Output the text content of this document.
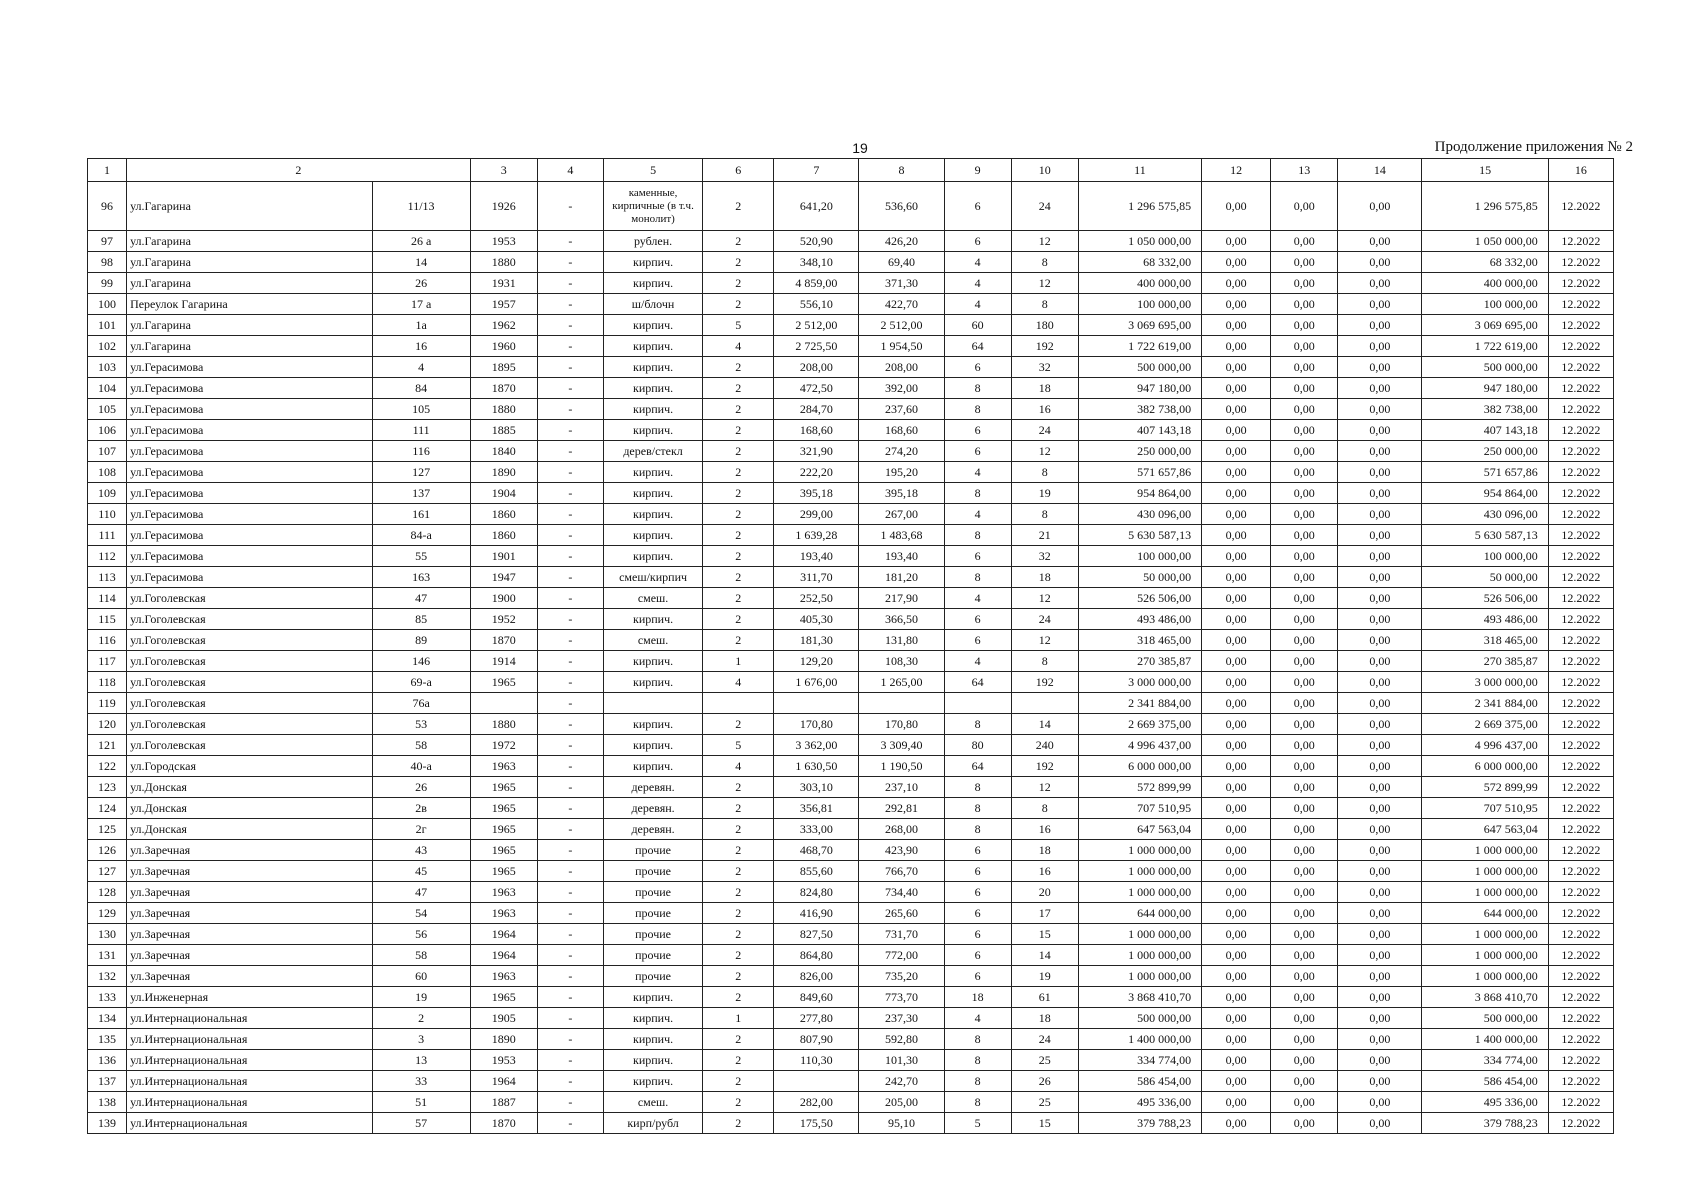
19	Продолжение приложения № 2
1	2		3	4	5	6	7	8	9	10	11	12	13	14	15	16
96	ул.Гагарина	11/13	1926	-	каменные, кирпичные (в т.ч. монолит)	2	641,20	536,60	6	24	1 296 575,85	0,00	0,00	0,00	1 296 575,85	12.2022
97	ул.Гагарина	26 а	1953	-	рублен.	2	520,90	426,20	6	12	1 050 000,00	0,00	0,00	0,00	1 050 000,00	12.2022
98	ул.Гагарина	14	1880	-	кирпич.	2	348,10	69,40	4	8	68 332,00	0,00	0,00	0,00	68 332,00	12.2022
99	ул.Гагарина	26	1931	-	кирпич.	2	4 859,00	371,30	4	12	400 000,00	0,00	0,00	0,00	400 000,00	12.2022
100	Переулок Гагарина	17 а	1957	-	ш/блочн	2	556,10	422,70	4	8	100 000,00	0,00	0,00	0,00	100 000,00	12.2022
101	ул.Гагарина	1а	1962	-	кирпич.	5	2 512,00	2 512,00	60	180	3 069 695,00	0,00	0,00	0,00	3 069 695,00	12.2022
102	ул.Гагарина	16	1960	-	кирпич.	4	2 725,50	1 954,50	64	192	1 722 619,00	0,00	0,00	0,00	1 722 619,00	12.2022
103	ул.Герасимова	4	1895	-	кирпич.	2	208,00	208,00	6	32	500 000,00	0,00	0,00	0,00	500 000,00	12.2022
104	ул.Герасимова	84	1870	-	кирпич.	2	472,50	392,00	8	18	947 180,00	0,00	0,00	0,00	947 180,00	12.2022
105	ул.Герасимова	105	1880	-	кирпич.	2	284,70	237,60	8	16	382 738,00	0,00	0,00	0,00	382 738,00	12.2022
106	ул.Герасимова	111	1885	-	кирпич.	2	168,60	168,60	6	24	407 143,18	0,00	0,00	0,00	407 143,18	12.2022
107	ул.Герасимова	116	1840	-	дерев/стекл	2	321,90	274,20	6	12	250 000,00	0,00	0,00	0,00	250 000,00	12.2022
108	ул.Герасимова	127	1890	-	кирпич.	2	222,20	195,20	4	8	571 657,86	0,00	0,00	0,00	571 657,86	12.2022
109	ул.Герасимова	137	1904	-	кирпич.	2	395,18	395,18	8	19	954 864,00	0,00	0,00	0,00	954 864,00	12.2022
110	ул.Герасимова	161	1860	-	кирпич.	2	299,00	267,00	4	8	430 096,00	0,00	0,00	0,00	430 096,00	12.2022
111	ул.Герасимова	84-а	1860	-	кирпич.	2	1 639,28	1 483,68	8	21	5 630 587,13	0,00	0,00	0,00	5 630 587,13	12.2022
112	ул.Герасимова	55	1901	-	кирпич.	2	193,40	193,40	6	32	100 000,00	0,00	0,00	0,00	100 000,00	12.2022
113	ул.Герасимова	163	1947	-	смеш/кирпич	2	311,70	181,20	8	18	50 000,00	0,00	0,00	0,00	50 000,00	12.2022
114	ул.Гоголевская	47	1900	-	смеш.	2	252,50	217,90	4	12	526 506,00	0,00	0,00	0,00	526 506,00	12.2022
115	ул.Гоголевская	85	1952	-	кирпич.	2	405,30	366,50	6	24	493 486,00	0,00	0,00	0,00	493 486,00	12.2022
116	ул.Гоголевская	89	1870	-	смеш.	2	181,30	131,80	6	12	318 465,00	0,00	0,00	0,00	318 465,00	12.2022
117	ул.Гоголевская	146	1914	-	кирпич.	1	129,20	108,30	4	8	270 385,87	0,00	0,00	0,00	270 385,87	12.2022
118	ул.Гоголевская	69-а	1965	-	кирпич.	4	1 676,00	1 265,00	64	192	3 000 000,00	0,00	0,00	0,00	3 000 000,00	12.2022
119	ул.Гоголевская	76а		-							2 341 884,00	0,00	0,00	0,00	2 341 884,00	12.2022
120	ул.Гоголевская	53	1880	-	кирпич.	2	170,80	170,80	8	14	2 669 375,00	0,00	0,00	0,00	2 669 375,00	12.2022
121	ул.Гоголевская	58	1972	-	кирпич.	5	3 362,00	3 309,40	80	240	4 996 437,00	0,00	0,00	0,00	4 996 437,00	12.2022
122	ул.Городская	40-а	1963	-	кирпич.	4	1 630,50	1 190,50	64	192	6 000 000,00	0,00	0,00	0,00	6 000 000,00	12.2022
123	ул.Донская	26	1965	-	деревян.	2	303,10	237,10	8	12	572 899,99	0,00	0,00	0,00	572 899,99	12.2022
124	ул.Донская	2в	1965	-	деревян.	2	356,81	292,81	8	8	707 510,95	0,00	0,00	0,00	707 510,95	12.2022
125	ул.Донская	2г	1965	-	деревян.	2	333,00	268,00	8	16	647 563,04	0,00	0,00	0,00	647 563,04	12.2022
126	ул.Заречная	43	1965	-	прочие	2	468,70	423,90	6	18	1 000 000,00	0,00	0,00	0,00	1 000 000,00	12.2022
127	ул.Заречная	45	1965	-	прочие	2	855,60	766,70	6	16	1 000 000,00	0,00	0,00	0,00	1 000 000,00	12.2022
128	ул.Заречная	47	1963	-	прочие	2	824,80	734,40	6	20	1 000 000,00	0,00	0,00	0,00	1 000 000,00	12.2022
129	ул.Заречная	54	1963	-	прочие	2	416,90	265,60	6	17	644 000,00	0,00	0,00	0,00	644 000,00	12.2022
130	ул.Заречная	56	1964	-	прочие	2	827,50	731,70	6	15	1 000 000,00	0,00	0,00	0,00	1 000 000,00	12.2022
131	ул.Заречная	58	1964	-	прочие	2	864,80	772,00	6	14	1 000 000,00	0,00	0,00	0,00	1 000 000,00	12.2022
132	ул.Заречная	60	1963	-	прочие	2	826,00	735,20	6	19	1 000 000,00	0,00	0,00	0,00	1 000 000,00	12.2022
133	ул.Инженерная	19	1965	-	кирпич.	2	849,60	773,70	18	61	3 868 410,70	0,00	0,00	0,00	3 868 410,70	12.2022
134	ул.Интернациональная	2	1905	-	кирпич.	1	277,80	237,30	4	18	500 000,00	0,00	0,00	0,00	500 000,00	12.2022
135	ул.Интернациональная	3	1890	-	кирпич.	2	807,90	592,80	8	24	1 400 000,00	0,00	0,00	0,00	1 400 000,00	12.2022
136	ул.Интернациональная	13	1953	-	кирпич.	2	110,30	101,30	8	25	334 774,00	0,00	0,00	0,00	334 774,00	12.2022
137	ул.Интернациональная	33	1964	-	кирпич.	2		242,70	8	26	586 454,00	0,00	0,00	0,00	586 454,00	12.2022
138	ул.Интернациональная	51	1887	-	смеш.	2	282,00	205,00	8	25	495 336,00	0,00	0,00	0,00	495 336,00	12.2022
139	ул.Интернациональная	57	1870	-	кирп/рубл	2	175,50	95,10	5	15	379 788,23	0,00	0,00	0,00	379 788,23	12.2022
